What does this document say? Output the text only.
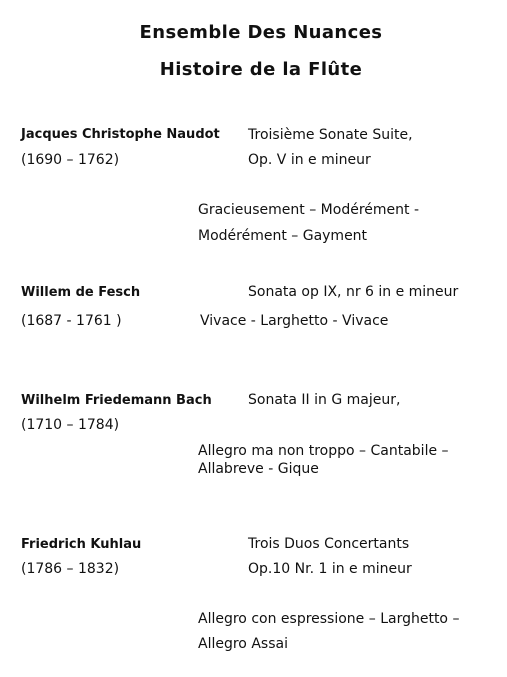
Ensemble Des Nuances
Histoire de la Flûte
Jacques Christophe Naudot
(1690 – 1762)
Troisième Sonate Suite,
Op. V in e mineur
Gracieusement – Modérément -
Modérément – Gayment
Willem de Fesch
(1687 - 1761 )
Sonata op IX, nr 6 in e mineur
Vivace - Larghetto - Vivace
Wilhelm Friedemann Bach
(1710 – 1784)
Sonata II in G majeur,
Allegro ma non troppo – Cantabile –
Allabreve - Gique
Friedrich Kuhlau
(1786 – 1832)
Trois Duos Concertants
Op.10 Nr. 1 in e mineur
Allegro con espressione – Larghetto –
Allegro Assai
